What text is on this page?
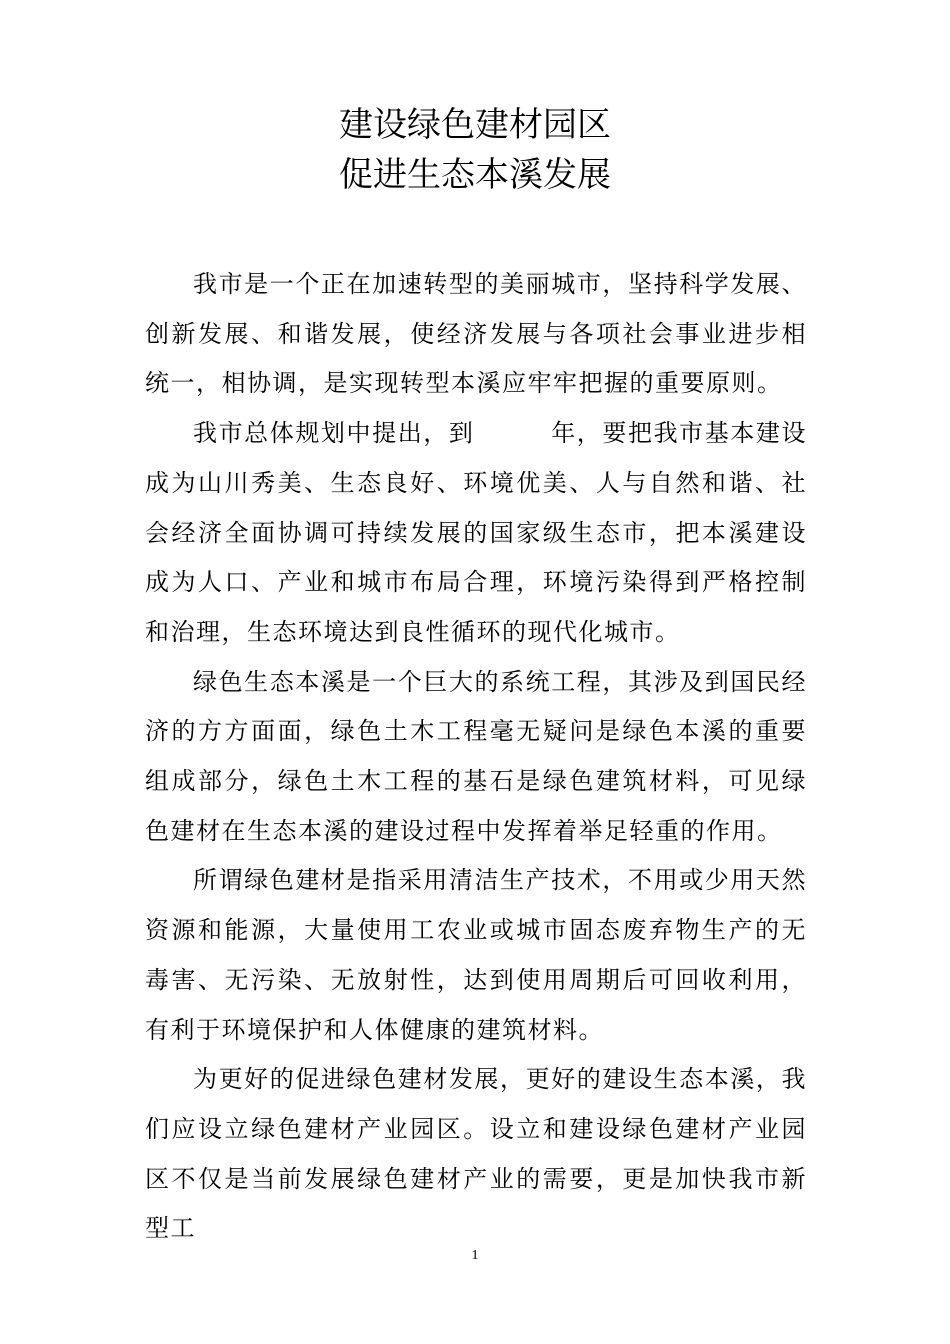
建设绿色建材园区
促进生态本溪发展

我市是一个正在加速转型的美丽城市，坚持科学发展、创新发展、和谐发展，使经济发展与各项社会事业进步相统一，相协调，是实现转型本溪应牢牢把握的重要原则。

我市总体规划中提出，到　　　年，要把我市基本建设成为山川秀美、生态良好、环境优美、人与自然和谐、社会经济全面协调可持续发展的国家级生态市，把本溪建设成为人口、产业和城市布局合理，环境污染得到严格控制和治理，生态环境达到良性循环的现代化城市。

绿色生态本溪是一个巨大的系统工程，其涉及到国民经济的方方面面，绿色土木工程毫无疑问是绿色本溪的重要组成部分，绿色土木工程的基石是绿色建筑材料，可见绿色建材在生态本溪的建设过程中发挥着举足轻重的作用。

所谓绿色建材是指采用清洁生产技术，不用或少用天然资源和能源，大量使用工农业或城市固态废弃物生产的无毒害、无污染、无放射性，达到使用周期后可回收利用，有利于环境保护和人体健康的建筑材料。

为更好的促进绿色建材发展，更好的建设生态本溪，我们应设立绿色建材产业园区。设立和建设绿色建材产业园区不仅是当前发展绿色建材产业的需要，更是加快我市新型工

1
